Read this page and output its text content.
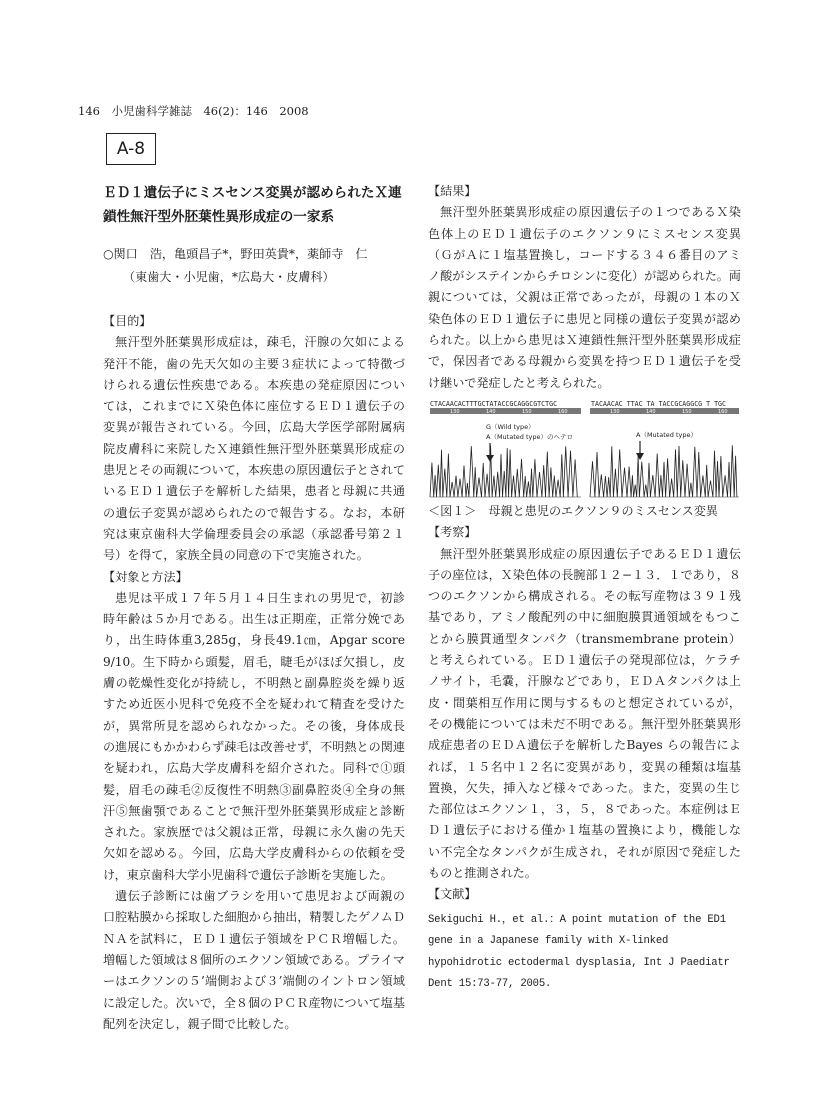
146　小児歯科学雑誌　46(2)：146　2008
A-8

ＥＤ１遺伝子にミスセンス変異が認められたＸ連鎖性無汗型外胚葉性異形成症の一家系

○関口　浩，亀頭昌子*，野田英貴*，薬師寺　仁

（東歯大・小児歯，*広島大・皮膚科）

【目的】

無汗型外胚葉異形成症は，疎毛，汗腺の欠如による発汗不能，歯の先天欠如の主要３症状によって特徴づけられる遺伝性疾患である。本疾患の発症原因については，これまでにＸ染色体に座位するＥＤ１遺伝子の変異が報告されている。今回，広島大学医学部附属病院皮膚科に来院したＸ連鎖性無汗型外胚葉異形成症の患児とその両親について，本疾患の原因遺伝子とされているＥＤ１遺伝子を解析した結果，患者と母親に共通の遺伝子変異が認められたので報告する。なお，本研究は東京歯科大学倫理委員会の承認（承認番号第２１号）を得て，家族全員の同意の下で実施された。

【対象と方法】

患児は平成１７年５月１４日生まれの男児で，初診時年齢は５か月である。出生は正期産，正常分娩であり，出生時体重3,285g，身長49.1㎝，Apgar score 9/10。生下時から頭髪，眉毛，睫毛がほぼ欠損し，皮膚の乾燥性変化が持続し，不明熱と副鼻腔炎を繰り返すため近医小児科で免疫不全を疑われて精査を受けたが，異常所見を認められなかった。その後，身体成長の進展にもかかわらず疎毛は改善せず，不明熱との関連を疑われ，広島大学皮膚科を紹介された。同科で①頭髪，眉毛の疎毛②反復性不明熱③副鼻腔炎④全身の無汗⑤無歯顎であることで無汗型外胚葉異形成症と診断された。家族歴では父親は正常，母親に永久歯の先天欠如を認める。今回，広島大学皮膚科からの依頼を受け，東京歯科大学小児歯科で遺伝子診断を実施した。

遺伝子診断には歯ブラシを用いて患児および両親の口腔粘膜から採取した細胞から抽出，精製したゲノムＤＮＡを試料に，ＥＤ１遺伝子領域をＰＣＲ増幅した。増幅した領域は８個所のエクソン領域である。プライマーはエクソンの５’端側および３’端側のイントロン領域に設定した。次いで，全８個のＰＣＲ産物について塩基配列を決定し，親子間で比較した。

【結果】

無汗型外胚葉異形成症の原因遺伝子の１つであるＸ染色体上のＥＤ１遺伝子のエクソン９にミスセンス変異（ＧがＡに１塩基置換し，コードする３４６番目のアミノ酸がシステインからチロシンに変化）が認められた。両親については，父親は正常であったが，母親の１本のＸ染色体のＥＤ１遺伝子に患児と同様の遺伝子変異が認められた。以上から患児はＸ連鎖性無汗型外胚葉異形成症で，保因者である母親から変異を持つＥＤ１遺伝子を受け継いで発症したと考えられた。

CTACAACACTTTGCTATACCGCAGGCGTCTGC	TACAACAC TTAC TA TACCGCAGGCG T TGC
130	140	150	160	130	140	150	160
G（Wild type）
A（Mutated type）のヘテロ	A（Mutated type）

＜図１＞　母親と患児のエクソン９のミスセンス変異

【考察】

無汗型外胚葉異形成症の原因遺伝子であるＥＤ１遺伝子の座位は，Ｘ染色体の長腕部１２−１３．１であり，８つのエクソンから構成される。その転写産物は３９１残基であり，アミノ酸配列の中に細胞膜貫通領域をもつことから膜貫通型タンパク（transmembrane protein）と考えられている。ＥＤ１遺伝子の発現部位は，ケラチノサイト，毛嚢，汗腺などであり，ＥＤＡタンパクは上皮・間葉相互作用に関与するものと想定されているが，その機能については未だ不明である。無汗型外胚葉異形成症患者のＥＤＡ遺伝子を解析したBayes らの報告によれば，１５名中１２名に変異があり，変異の種類は塩基置換，欠失，挿入など様々であった。また，変異の生じた部位はエクソン１，３，５，８であった。本症例はＥＤ１遺伝子における僅か１塩基の置換により，機能しない不完全なタンパクが生成され，それが原因で発症したものと推測された。

【文献】

Sekiguchi H.，et al.：A point mutation of the ED1 gene in a Japanese family with X-linked hypohidrotic ectodermal dysplasia, Int J Paediatr Dent 15:73-77, 2005.
